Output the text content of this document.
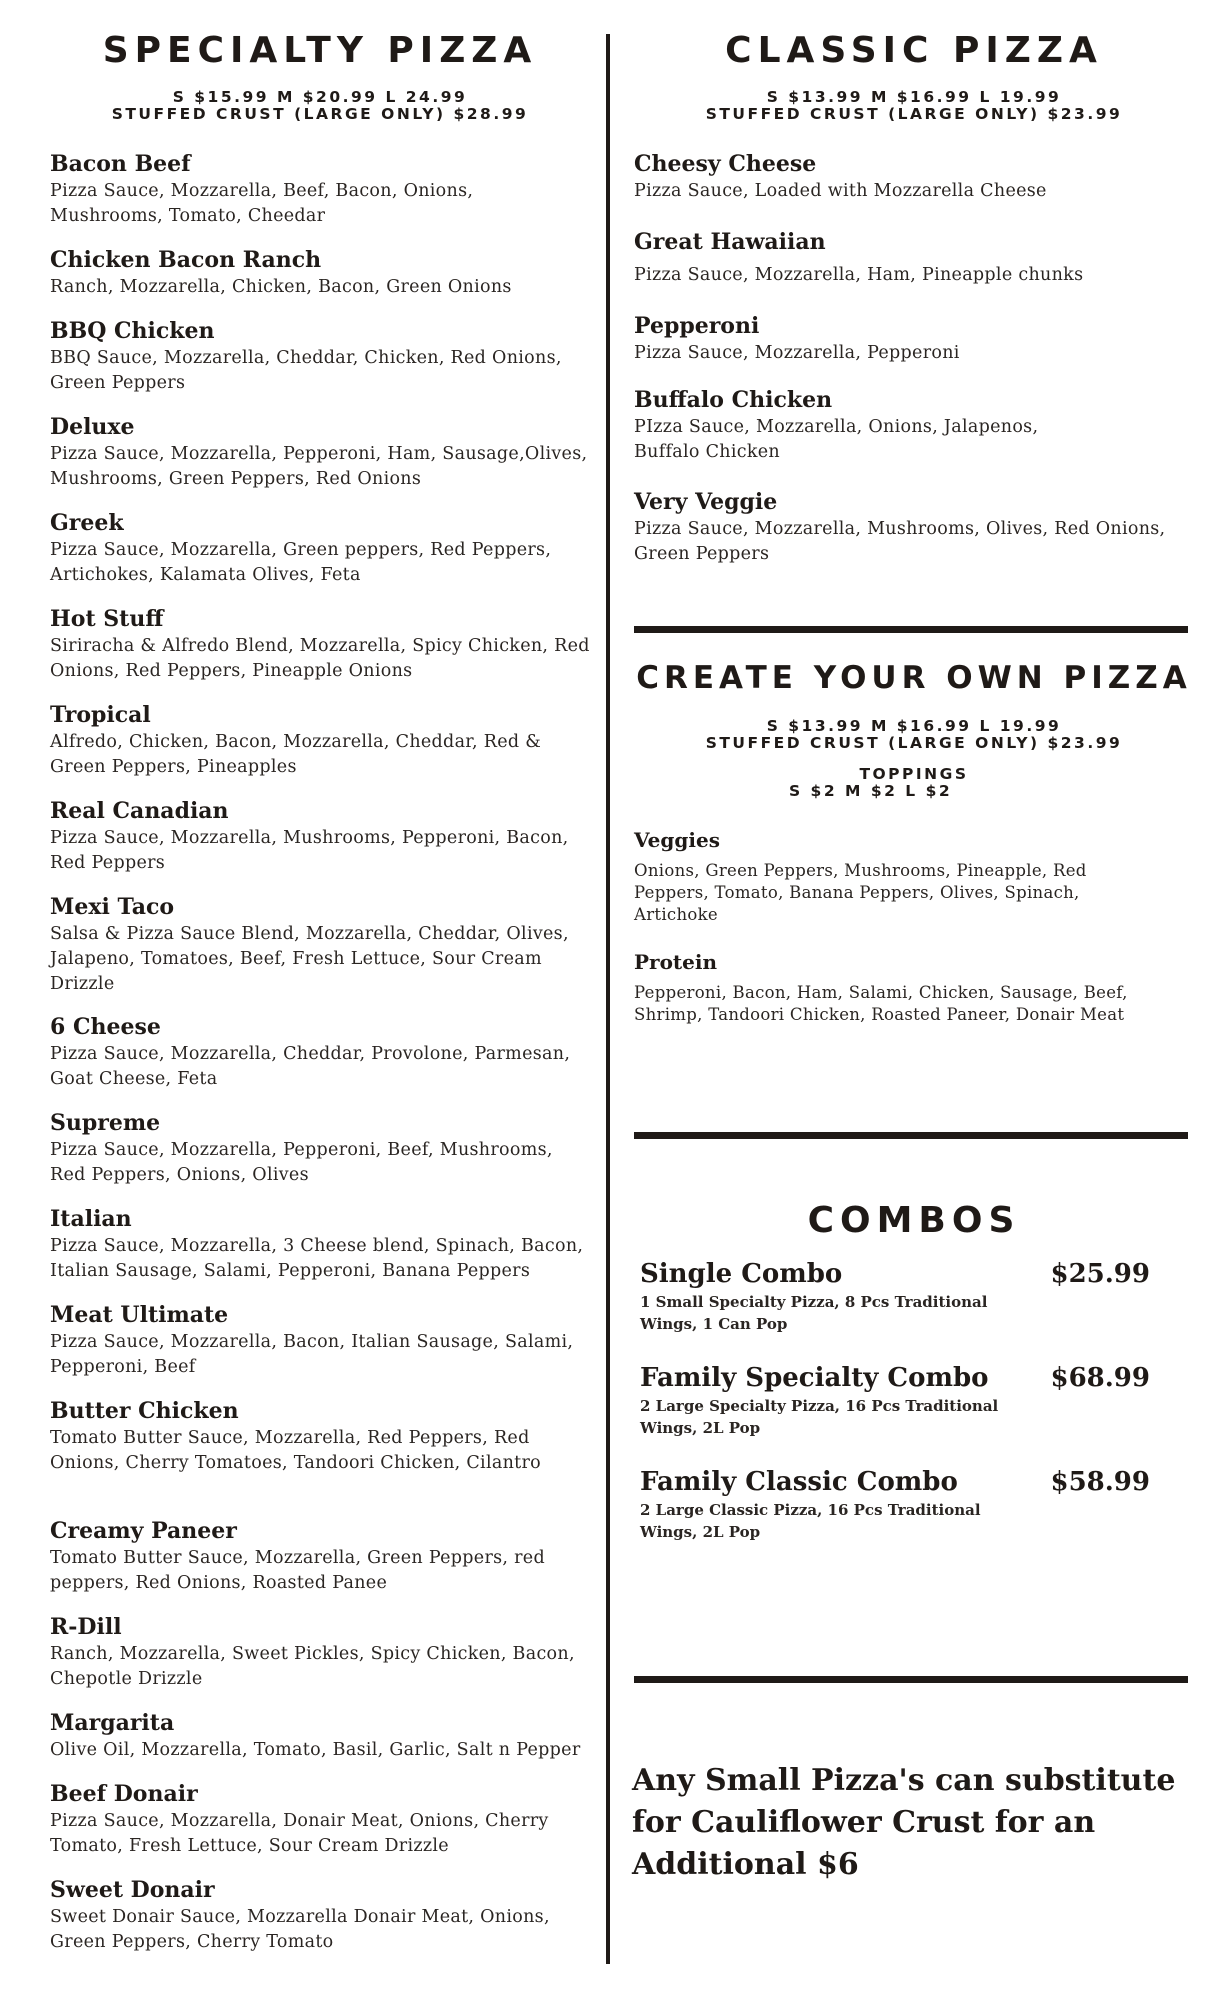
SPECIALTY PIZZA
S $15.99 M $20.99 L 24.99
STUFFED CRUST (LARGE ONLY) $28.99
Bacon Beef
Pizza Sauce, Mozzarella, Beef, Bacon, Onions, Mushrooms, Tomato, Cheedar
Chicken Bacon Ranch
Ranch, Mozzarella, Chicken, Bacon, Green Onions
BBQ Chicken
BBQ Sauce, Mozzarella, Cheddar, Chicken, Red Onions, Green Peppers
Deluxe
Pizza Sauce, Mozzarella, Pepperoni, Ham, Sausage,Olives, Mushrooms, Green Peppers, Red Onions
Greek
Pizza Sauce, Mozzarella, Green peppers, Red Peppers, Artichokes, Kalamata Olives, Feta
Hot Stuff
Siriracha & Alfredo Blend, Mozzarella, Spicy Chicken, Red Onions, Red Peppers, Pineapple Onions
Tropical
Alfredo, Chicken, Bacon, Mozzarella, Cheddar, Red & Green Peppers, Pineapples
Real Canadian
Pizza Sauce, Mozzarella, Mushrooms, Pepperoni, Bacon, Red Peppers
Mexi Taco
Salsa & Pizza Sauce Blend, Mozzarella, Cheddar, Olives, Jalapeno, Tomatoes, Beef, Fresh Lettuce, Sour Cream Drizzle
6 Cheese
Pizza Sauce, Mozzarella, Cheddar, Provolone, Parmesan, Goat Cheese, Feta
Supreme
Pizza Sauce, Mozzarella, Pepperoni, Beef, Mushrooms, Red Peppers, Onions, Olives
Italian
Pizza Sauce, Mozzarella, 3 Cheese blend, Spinach, Bacon, Italian Sausage, Salami, Pepperoni, Banana Peppers
Meat Ultimate
Pizza Sauce, Mozzarella, Bacon, Italian Sausage, Salami, Pepperoni, Beef
Butter Chicken
Tomato Butter Sauce, Mozzarella, Red Peppers, Red Onions, Cherry Tomatoes, Tandoori Chicken, Cilantro
Creamy Paneer
Tomato Butter Sauce, Mozzarella, Green Peppers, red peppers, Red Onions, Roasted Panee
R-Dill
Ranch, Mozzarella, Sweet Pickles, Spicy Chicken, Bacon, Chepotle Drizzle
Margarita
Olive Oil, Mozzarella, Tomato, Basil, Garlic, Salt n Pepper
Beef Donair
Pizza Sauce, Mozzarella, Donair Meat, Onions, Cherry Tomato, Fresh Lettuce, Sour Cream Drizzle
Sweet Donair
Sweet Donair Sauce, Mozzarella Donair Meat, Onions, Green Peppers, Cherry Tomato
CLASSIC PIZZA
S $13.99 M $16.99 L 19.99
STUFFED CRUST (LARGE ONLY) $23.99
Cheesy Cheese
Pizza Sauce, Loaded with Mozzarella Cheese
Great Hawaiian
Pizza Sauce, Mozzarella, Ham, Pineapple chunks
Pepperoni
Pizza Sauce, Mozzarella, Pepperoni
Buffalo Chicken
PIzza Sauce, Mozzarella, Onions, Jalapenos, Buffalo Chicken
Very Veggie
Pizza Sauce, Mozzarella, Mushrooms, Olives, Red Onions, Green Peppers
CREATE YOUR OWN PIZZA
S $13.99 M $16.99 L 19.99
STUFFED CRUST (LARGE ONLY) $23.99
TOPPINGS
S $2 M $2 L $2
Veggies
Onions, Green Peppers, Mushrooms, Pineapple, Red Peppers, Tomato, Banana Peppers, Olives, Spinach, Artichoke
Protein
Pepperoni, Bacon, Ham, Salami, Chicken, Sausage, Beef, Shrimp, Tandoori Chicken, Roasted Paneer, Donair Meat
COMBOS
Single Combo	$25.99
1 Small Specialty Pizza, 8 Pcs Traditional Wings, 1 Can Pop
Family Specialty Combo $68.99
2 Large Specialty Pizza, 16 Pcs Traditional Wings, 2L Pop
Family Classic Combo	$58.99
2 Large Classic Pizza, 16 Pcs Traditional Wings, 2L Pop
Any Small Pizza's can substitute for Cauliflower Crust for an Additional $6
